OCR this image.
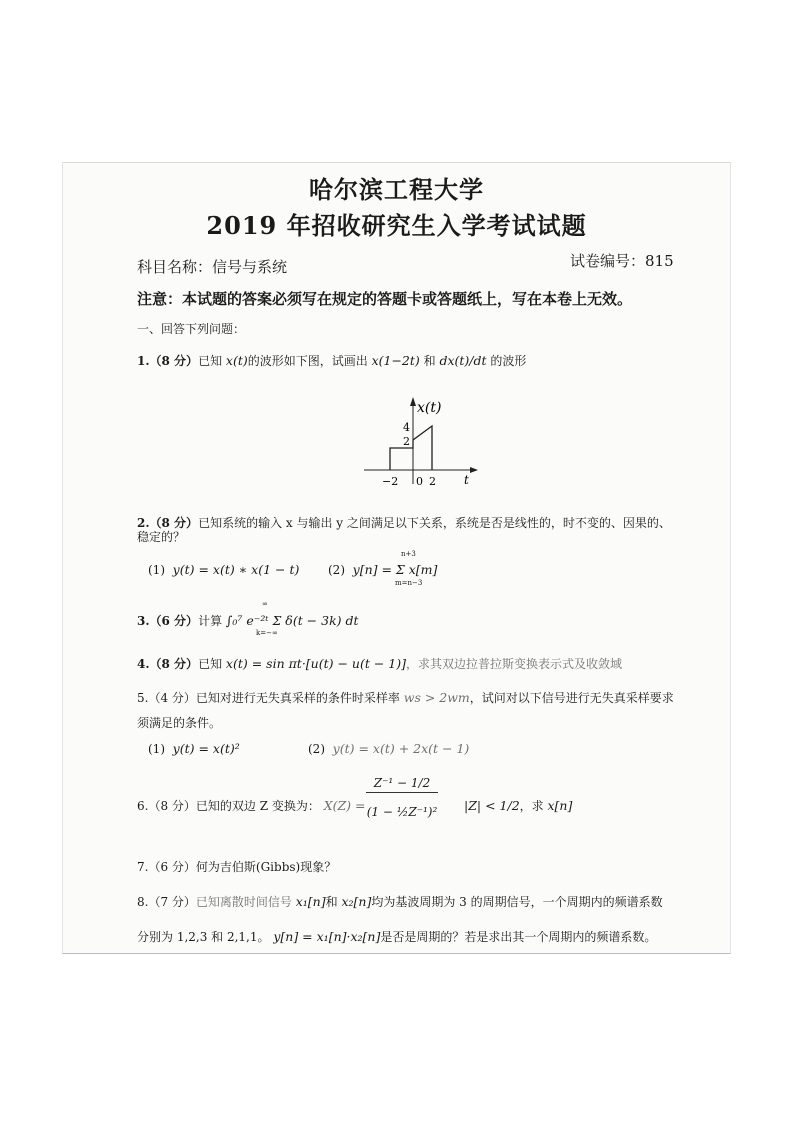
哈尔滨工程大学
2019 年招收研究生入学考试试题
科目名称：信号与系统	试卷编号：815
注意：本试题的答案必须写在规定的答题卡或答题纸上，写在本卷上无效。
一、回答下列问题：
1.（8 分）已知 x(t)的波形如下图，试画出 x(1−2t) 和 dx(t)/dt 的波形
x(t)
t
4
2
−2 0 2
2.（8 分）已知系统的输入 x 与输出 y 之间满足以下关系，系统是否是线性的，时不变的、因果的、
稳定的？
(1) y(t) = x(t) ∗ x(1 − t) (2) y[n] = Σ x[m]
n+3
m=n−3
3.（6 分）计算 ∫₀⁷ e⁻²ᵗ Σ δ(t − 3k) dt
∞
k=−∞
4.（8 分）已知 x(t) = sin πt·[u(t) − u(t − 1)]，求其双边拉普拉斯变换表示式及收敛域
5.（4 分）已知对进行无失真采样的条件时采样率 ws > 2wm，试问对以下信号进行无失真采样要求
须满足的条件。
(1) y(t) = x(t)²	(2) y(t) = x(t) + 2x(t − 1)
6.（8 分）已知的双边 Z 变换为： X(Z) =
Z⁻¹ − 1/2
(1 − ½Z⁻¹)² |Z| < 1/2，求 x[n]
7.（6 分）何为吉伯斯(Gibbs)现象？
8.（7 分）已知离散时间信号 x₁[n]和 x₂[n]均为基波周期为 3 的周期信号，一个周期内的频谱系数
分别为 1,2,3 和 2,1,1。 y[n] = x₁[n]·x₂[n]是否是周期的？若是求出其一个周期内的频谱系数。
